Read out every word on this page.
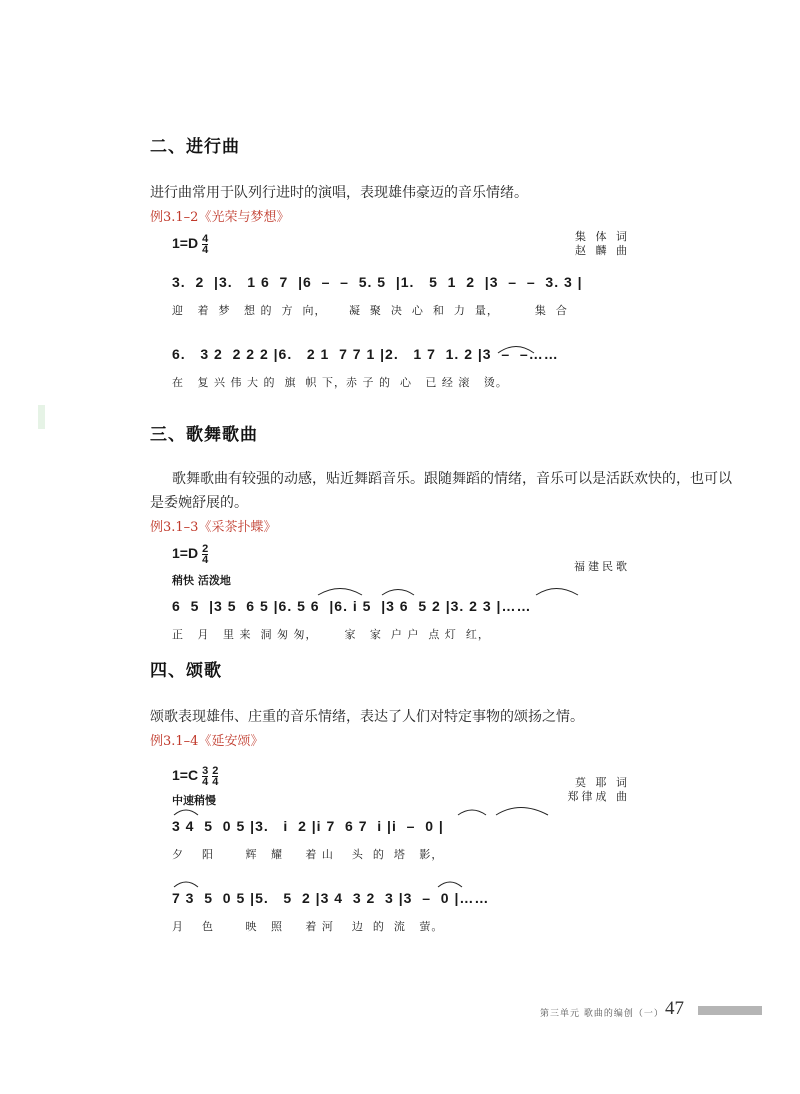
二、进行曲
进行曲常用于队列行进时的演唱，表现雄伟豪迈的音乐情绪。
例3.1–2《光荣与梦想》
$1=D \frac{4}{4}$	集 体 词
赵 麟 曲
3.  2  |3.   1 6  7  |6  –  –  5. 5  |1.   5  1  2  |3  –  –  3. 3 |
迎   着  梦   想 的  方  向，     凝  聚  决  心  和  力  量，        集  合
6.   3 2  2 2 2 |6.   2 1  7 7 1 |2.   1 7  1. 2 |3  –  –……
在   复 兴 伟 大 的  旗  帜 下，赤 子 的  心   已 经 滚   烫。
三、歌舞歌曲
歌舞歌曲有较强的动感，贴近舞蹈音乐。跟随舞蹈的情绪，音乐可以是活跃欢快的，也可以
是委婉舒展的。
例3.1–3《采茶扑蝶》
$1=D \frac{2}{4}$
稍快 活泼地
福建民歌
6  5  |3 5  6 5 |6. 5 6  |6. i 5  |3 6  5 2 |3. 2 3 |……
正   月   里 来  洞 匆 匆，      家   家  户 户  点 灯  红，
四、颂歌
颂歌表现雄伟、庄重的音乐情绪，表达了人们对特定事物的颂扬之情。
例3.1–4《延安颂》
$1=C \frac{3}{4} \frac{2}{4}$
中速稍慢
莫 耶 词
郑律成 曲
3 4  5  0 5 |3.   i  2 |i 7  6 7  i |i  –  0 |
夕    阳       辉   耀     着 山    头  的  塔   影，
7 3  5  0 5 |5.   5  2 |3 4  3 2  3 |3  –  0 |……
月    色       映   照     着 河    边  的  流   萤。
第三单元 歌曲的编创（一） 47
